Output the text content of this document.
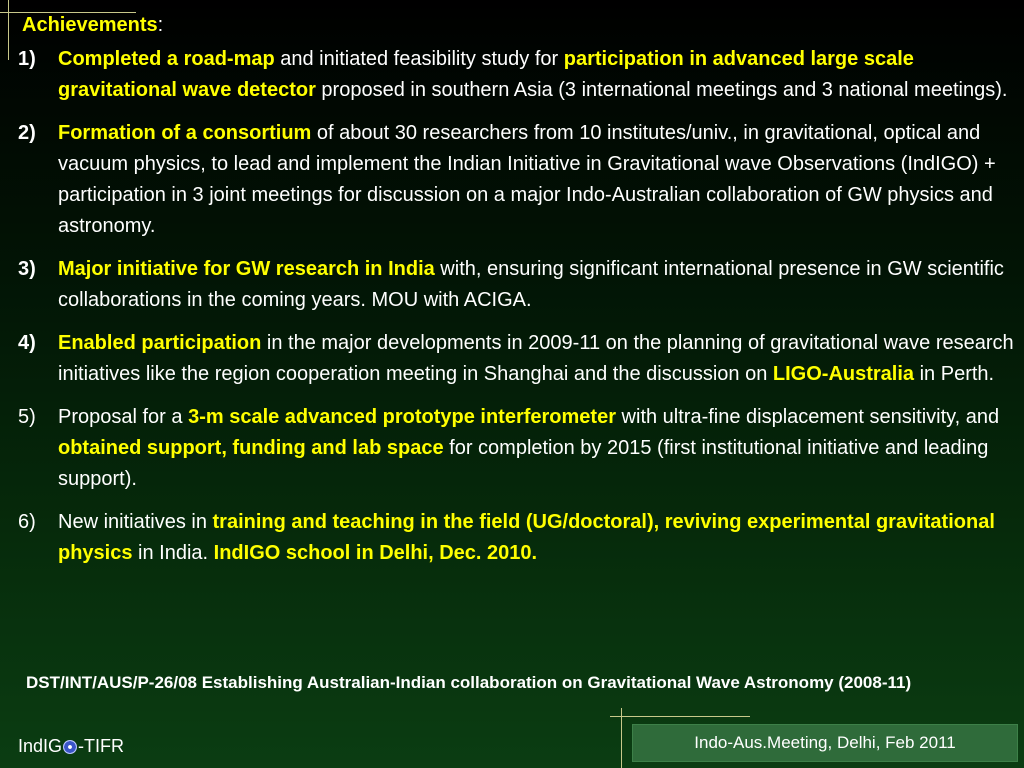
Achievements:
1) Completed a road-map and initiated feasibility study for participation in advanced large scale gravitational wave detector proposed in southern Asia (3 international meetings and 3 national meetings).
2) Formation of a consortium of about 30 researchers from 10 institutes/univ., in gravitational, optical and vacuum physics, to lead and implement the Indian Initiative in Gravitational wave Observations (IndIGO) + participation in 3 joint meetings for discussion on a major Indo-Australian collaboration of GW physics and astronomy.
3) Major initiative for GW research in India with, ensuring significant international presence in GW scientific collaborations in the coming years. MOU with ACIGA.
4) Enabled participation in the major developments in 2009-11 on the planning of gravitational wave research initiatives like the region cooperation meeting in Shanghai and the discussion on LIGO-Australia in Perth.
5) Proposal for a 3-m scale advanced prototype interferometer with ultra-fine displacement sensitivity, and obtained support, funding and lab space for completion by 2015 (first institutional initiative and leading support).
6) New initiatives in training and teaching in the field (UG/doctoral), reviving experimental gravitational physics in India. IndIGO school in Delhi, Dec. 2010.
DST/INT/AUS/P-26/08 Establishing Australian-Indian collaboration on Gravitational Wave Astronomy (2008-11)
IndIG -TIFR	Indo-Aus.Meeting, Delhi, Feb 2011
